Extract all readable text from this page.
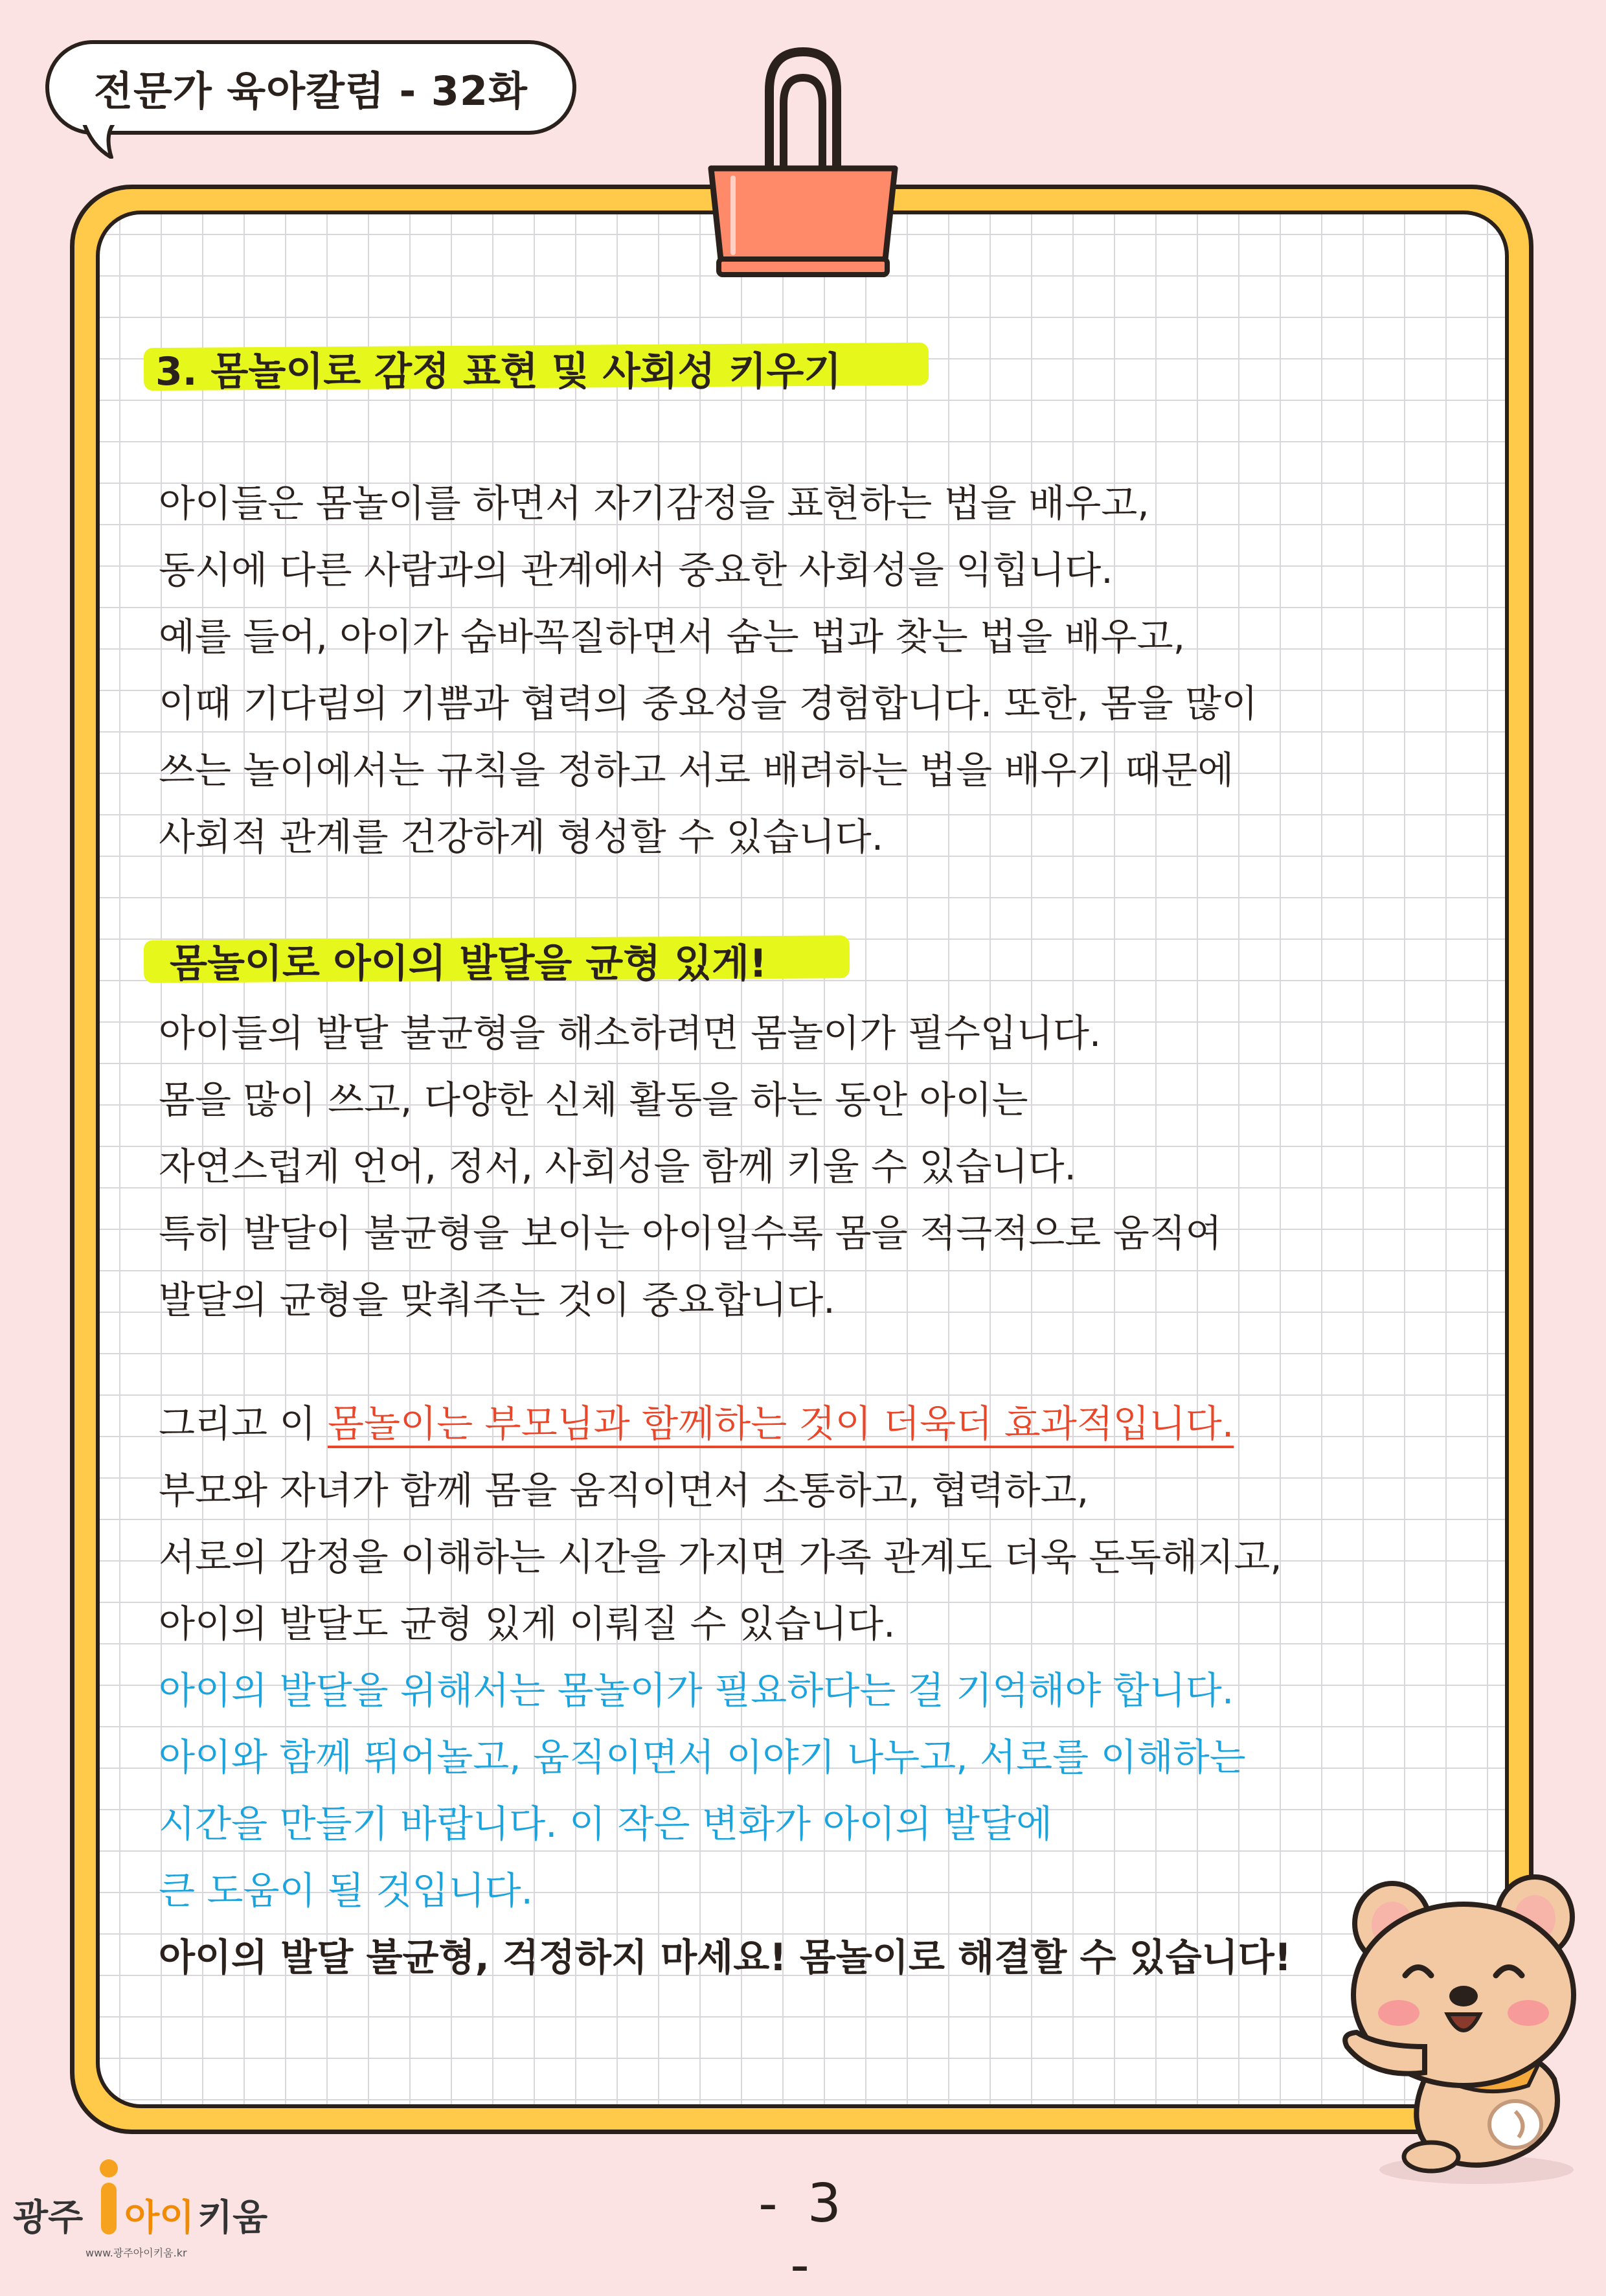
전문가 육아칼럼 - 32화
3. 몸놀이로 감정 표현 및 사회성 키우기
아이들은 몸놀이를 하면서 자기감정을 표현하는 법을 배우고,
동시에 다른 사람과의 관계에서 중요한 사회성을 익힙니다.
예를 들어, 아이가 숨바꼭질하면서 숨는 법과 찾는 법을 배우고,
이때 기다림의 기쁨과 협력의 중요성을 경험합니다. 또한, 몸을 많이
쓰는 놀이에서는 규칙을 정하고 서로 배려하는 법을 배우기 때문에
사회적 관계를 건강하게 형성할 수 있습니다.
몸놀이로 아이의 발달을 균형 있게!
아이들의 발달 불균형을 해소하려면 몸놀이가 필수입니다.
몸을 많이 쓰고, 다양한 신체 활동을 하는 동안 아이는
자연스럽게 언어, 정서, 사회성을 함께 키울 수 있습니다.
특히 발달이 불균형을 보이는 아이일수록 몸을 적극적으로 움직여
발달의 균형을 맞춰주는 것이 중요합니다.
그리고 이 몸놀이는 부모님과 함께하는 것이 더욱더 효과적입니다.
부모와 자녀가 함께 몸을 움직이면서 소통하고, 협력하고,
서로의 감정을 이해하는 시간을 가지면 가족 관계도 더욱 돈독해지고,
아이의 발달도 균형 있게 이뤄질 수 있습니다.
아이의 발달을 위해서는 몸놀이가 필요하다는 걸 기억해야 합니다.
아이와 함께 뛰어놀고, 움직이면서 이야기 나누고, 서로를 이해하는
시간을 만들기 바랍니다. 이 작은 변화가 아이의 발달에
큰 도움이 될 것입니다.
아이의 발달 불균형, 걱정하지 마세요! 몸놀이로 해결할 수 있습니다!
광주 아이 키움
www.광주아이키움.kr
- 3 -
